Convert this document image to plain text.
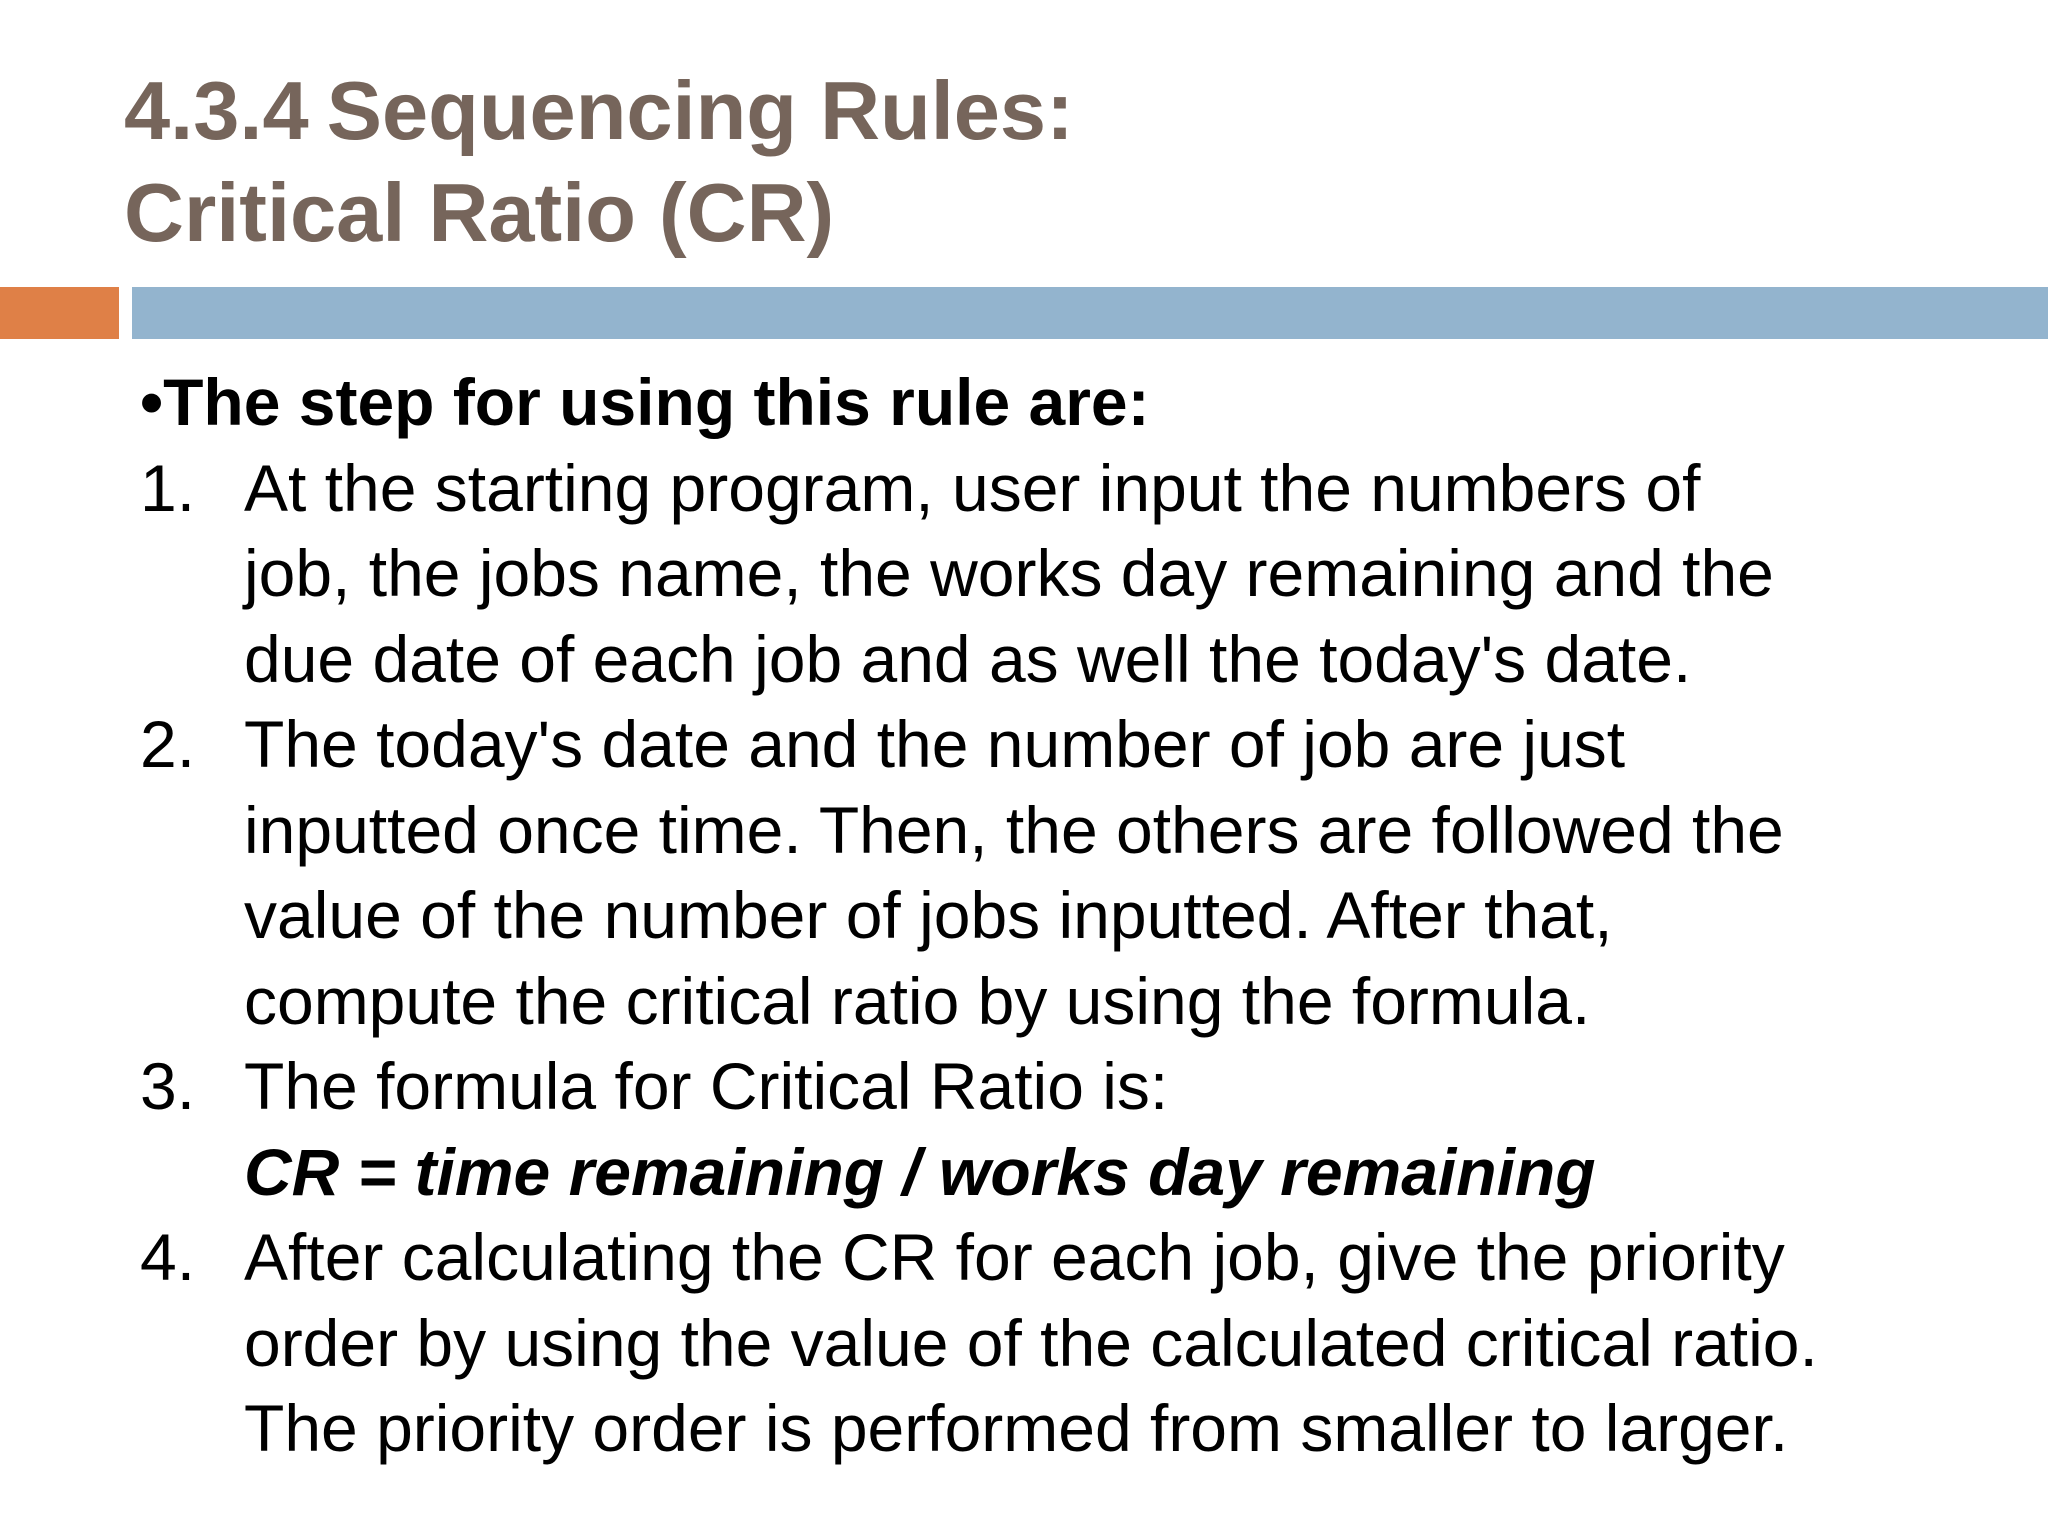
4.3.4 Sequencing Rules:
Critical Ratio (CR)
•The step for using this rule are:
1. At the starting program, user input the numbers of
job, the jobs name, the works day remaining and the
due date of each job and as well the today's date.
2. The today's date and the number of job are just
inputted once time. Then, the others are followed the
value of the number of jobs inputted. After that,
compute the critical ratio by using the formula.
3. The formula for Critical Ratio is:
CR = time remaining / works day remaining
4. After calculating the CR for each job, give the priority
order by using the value of the calculated critical ratio.
The priority order is performed from smaller to larger.
